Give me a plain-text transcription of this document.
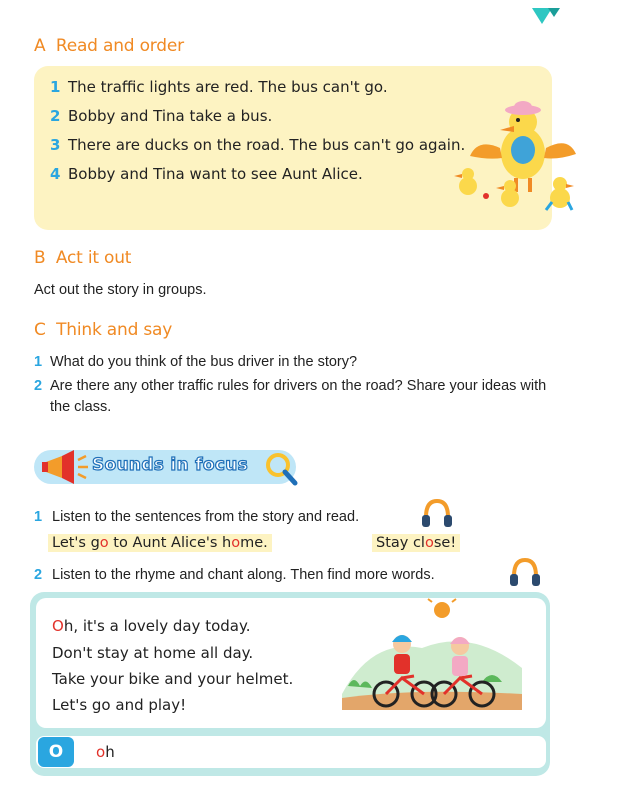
A Read and order
1 The traffic lights are red. The bus can't go.
2 Bobby and Tina take a bus.
3 There are ducks on the road. The bus can't go again.
4 Bobby and Tina want to see Aunt Alice.
B Act it out
Act out the story in groups.
C Think and say
1 What do you think of the bus driver in the story?
2 Are there any other traffic rules for drivers on the road? Share your ideas with the class.
Sounds in focus
1 Listen to the sentences from the story and read.
Let's go to Aunt Alice's home.	Stay close!
2 Listen to the rhyme and chant along. Then find more words.
Oh, it's a lovely day today.
Don't stay at home all day.
Take your bike and your helmet.
Let's go and play!
O	oh
